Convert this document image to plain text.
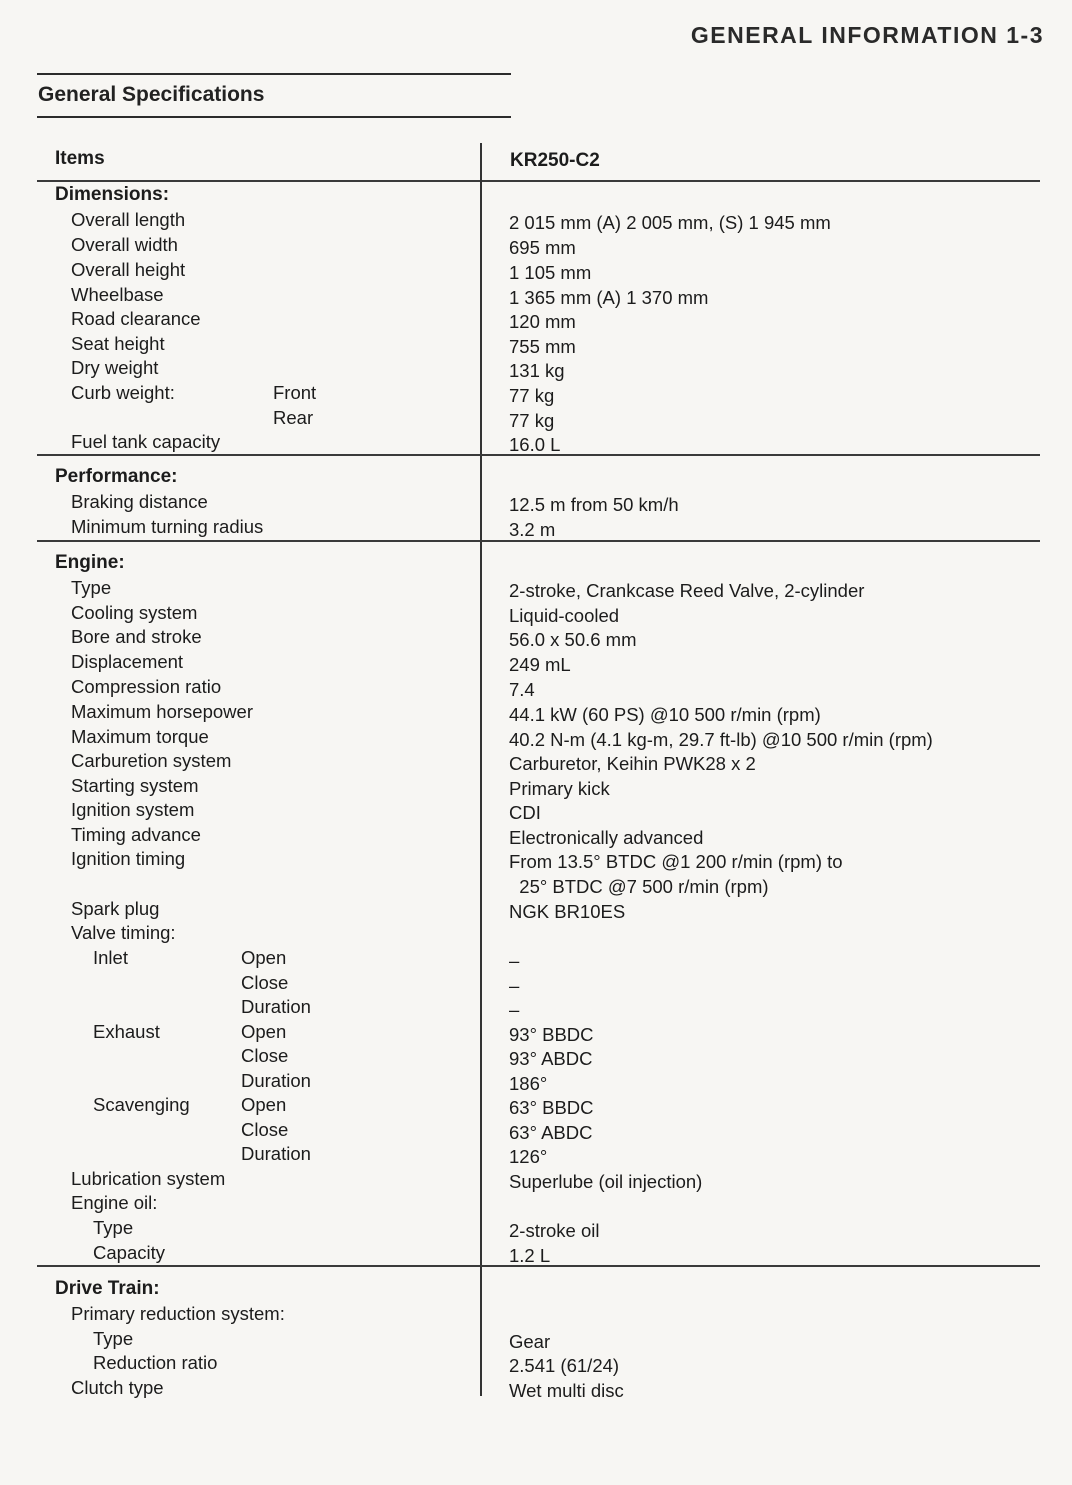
GENERAL INFORMATION 1-3
General Specifications
Items	KR250-C2
Dimensions:
Overall length	2 015 mm (A) 2 005 mm, (S) 1 945 mm
Overall width	695 mm
Overall height	1 105 mm
Wheelbase	1 365 mm (A) 1 370 mm
Road clearance	120 mm
Seat height	755 mm
Dry weight	131 kg
Curb weight:	Front	77 kg
Rear	77 kg
Fuel tank capacity	16.0 L
Performance:
Braking distance	12.5 m from 50 km/h
Minimum turning radius	3.2 m
Engine:
Type	2-stroke, Crankcase Reed Valve, 2-cylinder
Cooling system	Liquid-cooled
Bore and stroke	56.0 x 50.6 mm
Displacement	249 mL
Compression ratio	7.4
Maximum horsepower	44.1 kW (60 PS) @10 500 r/min (rpm)
Maximum torque	40.2 N-m (4.1 kg-m, 29.7 ft-lb) @10 500 r/min (rpm)
Carburetion system	Carburetor, Keihin PWK28 x 2
Starting system	Primary kick
Ignition system	CDI
Timing advance	Electronically advanced
Ignition timing	From 13.5° BTDC @1 200 r/min (rpm) to
25° BTDC @7 500 r/min (rpm)
Spark plug	NGK BR10ES
Valve timing:
Inlet	Open	–
Close	–
Duration	–
Exhaust	Open	93° BBDC
Close	93° ABDC
Duration	186°
Scavenging	Open	63° BBDC
Close	63° ABDC
Duration	126°
Lubrication system	Superlube (oil injection)
Engine oil:
Type	2-stroke oil
Capacity	1.2 L
Drive Train:
Primary reduction system:
Type	Gear
Reduction ratio	2.541 (61/24)
Clutch type	Wet multi disc
